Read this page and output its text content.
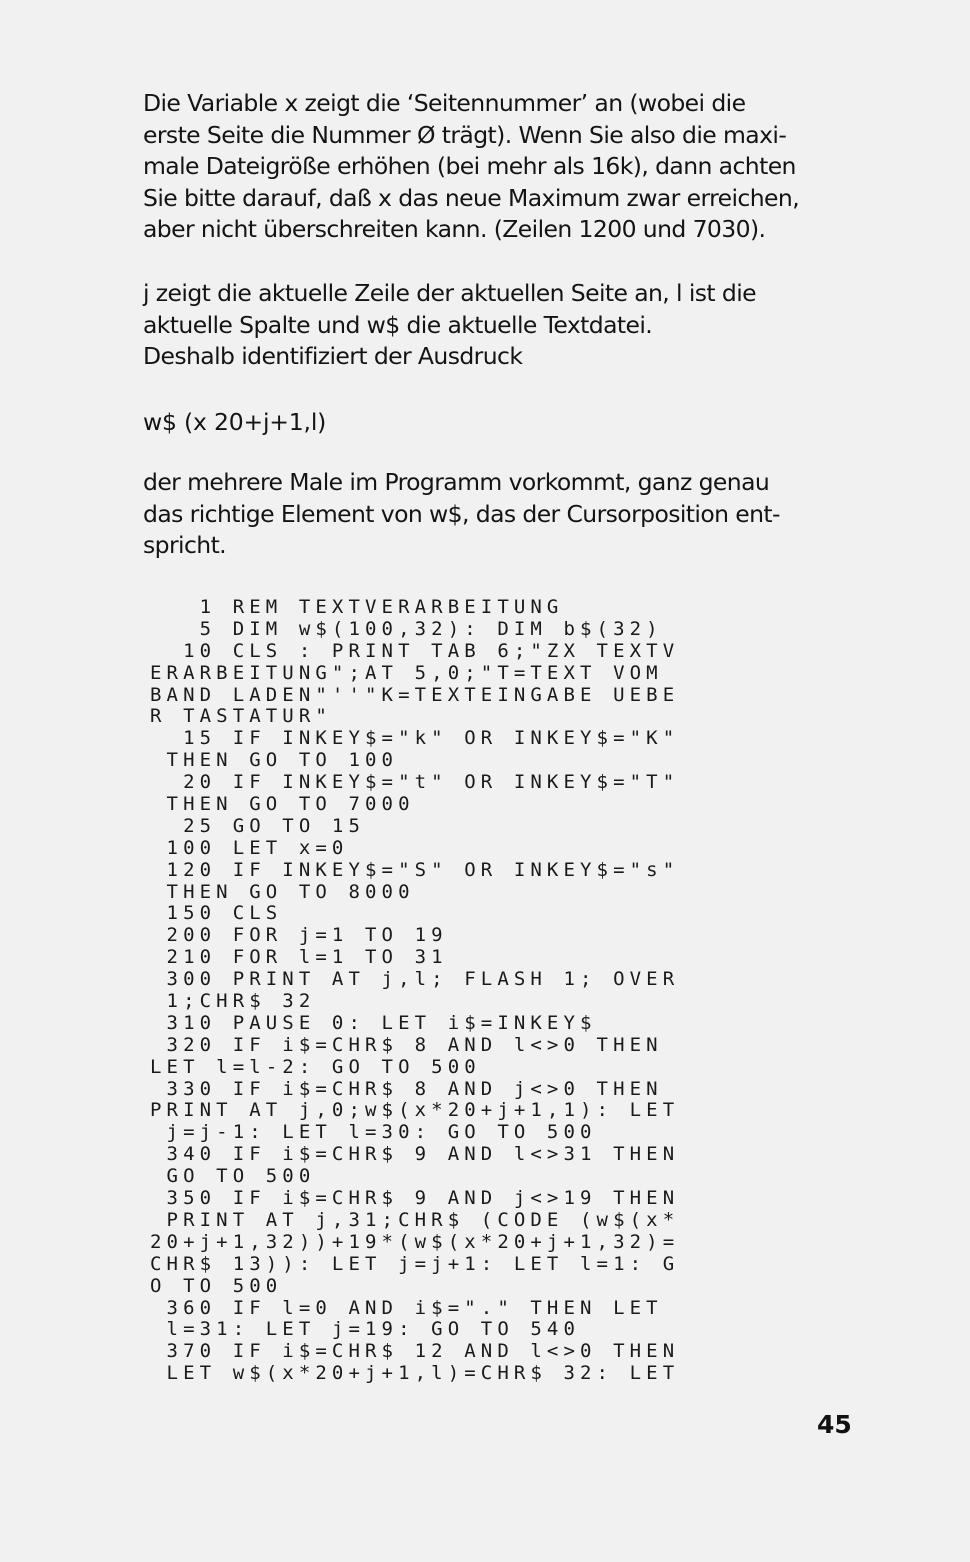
Die Variable x zeigt die ‘Seitennummer’ an (wobei die
erste Seite die Nummer Ø trägt). Wenn Sie also die maxi-
male Dateigröße erhöhen (bei mehr als 16k), dann achten
Sie bitte darauf, daß x das neue Maximum zwar erreichen,
aber nicht überschreiten kann. (Zeilen 1200 und 7030).
j zeigt die aktuelle Zeile der aktuellen Seite an, l ist die
aktuelle Spalte und w$ die aktuelle Textdatei.
Deshalb identifiziert der Ausdruck
w$ (x 20+j+1,l)
der mehrere Male im Programm vorkommt, ganz genau
das richtige Element von w$, das der Cursorposition ent-
spricht.
1 REM TEXTVERARBEITUNG
5 DIM w$(100,32): DIM b$(32)
10 CLS : PRINT TAB 6;"ZX TEXTV
ERARBEITUNG";AT 5,0;"T=TEXT VOM
BAND LADEN"''"K=TEXTEINGABE UEBE
R TASTATUR"
15 IF INKEY$="k" OR INKEY$="K"
THEN GO TO 100
20 IF INKEY$="t" OR INKEY$="T"
THEN GO TO 7000
25 GO TO 15
100 LET x=0
120 IF INKEY$="S" OR INKEY$="s"
THEN GO TO 8000
150 CLS
200 FOR j=1 TO 19
210 FOR l=1 TO 31
300 PRINT AT j,l; FLASH 1; OVER
1;CHR$ 32
310 PAUSE 0: LET i$=INKEY$
320 IF i$=CHR$ 8 AND l<>0 THEN
LET l=l-2: GO TO 500
330 IF i$=CHR$ 8 AND j<>0 THEN
PRINT AT j,0;w$(x*20+j+1,1): LET
j=j-1: LET l=30: GO TO 500
340 IF i$=CHR$ 9 AND l<>31 THEN
GO TO 500
350 IF i$=CHR$ 9 AND j<>19 THEN
PRINT AT j,31;CHR$ (CODE (w$(x*
20+j+1,32))+19*(w$(x*20+j+1,32)=
CHR$ 13)): LET j=j+1: LET l=1: G
O TO 500
360 IF l=0 AND i$="." THEN LET
l=31: LET j=19: GO TO 540
370 IF i$=CHR$ 12 AND l<>0 THEN
LET w$(x*20+j+1,l)=CHR$ 32: LET
45
